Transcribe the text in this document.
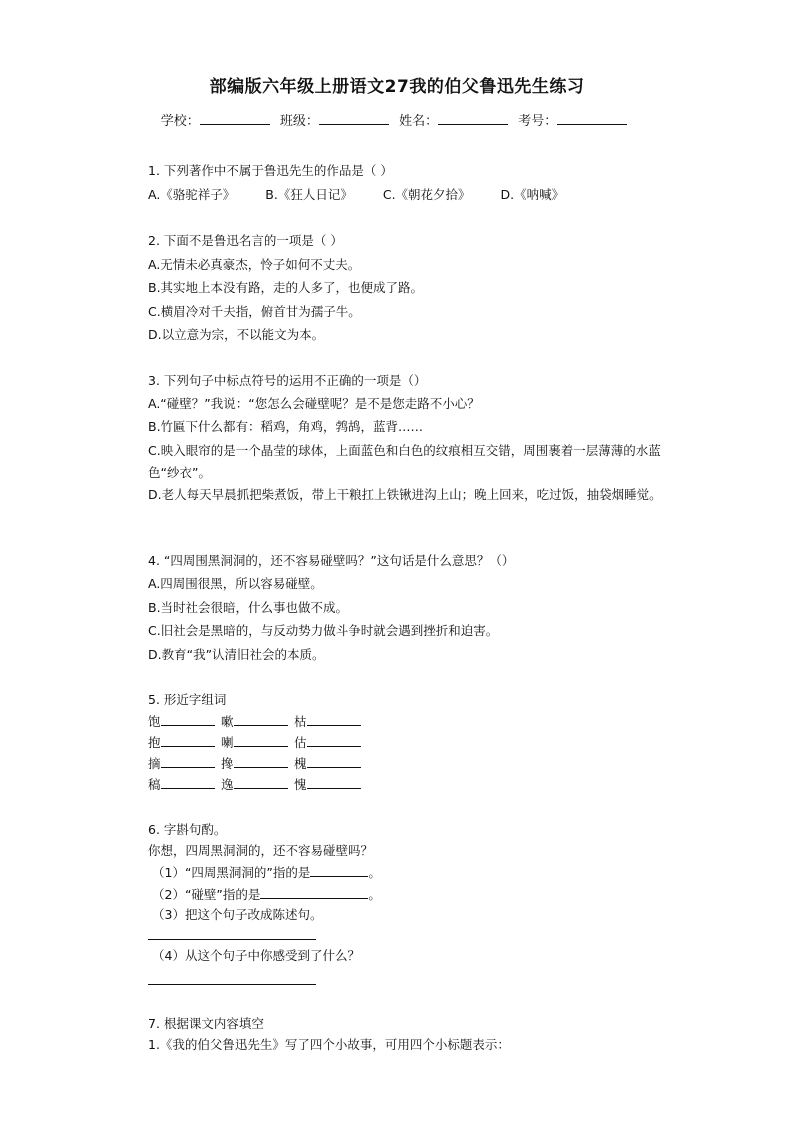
部编版六年级上册语文27我的伯父鲁迅先生练习
学校：	班级：	姓名：	考号：
1. 下列著作中不属于鲁迅先生的作品是（ ）
A.《骆驼祥子》 B.《狂人日记》 C.《朝花夕拾》 D.《呐喊》
2. 下面不是鲁迅名言的一项是（ ）
A.无情未必真豪杰，怜子如何不丈夫。
B.其实地上本没有路，走的人多了，也便成了路。
C.横眉冷对千夫指，俯首甘为孺子牛。
D.以立意为宗，不以能文为本。
3. 下列句子中标点符号的运用不正确的一项是（）
A.“碰壁？”我说：“您怎么会碰壁呢？是不是您走路不小心？
B.竹匾下什么都有：稻鸡，角鸡，鹁鸪，蓝背……
C.映入眼帘的是一个晶莹的球体，上面蓝色和白色的纹痕相互交错，周围裹着一层薄薄的水蓝色“纱衣”。
D.老人每天早晨抓把柴煮饭，带上干粮扛上铁锹进沟上山；晚上回来，吃过饭，抽袋烟睡觉。
4. “四周围黑洞洞的，还不容易碰壁吗？”这句话是什么意思？（）
A.四周围很黑，所以容易碰壁。
B.当时社会很暗，什么事也做不成。
C.旧社会是黑暗的，与反动势力做斗争时就会遇到挫折和迫害。
D.教育“我”认清旧社会的本质。
5. 形近字组词
饱	嗽	枯
抱	喇	估
摘	搀	槐
稿	逸	愧
6. 字斟句酌。
你想，四周黑洞洞的，还不容易碰壁吗？
（1）“四周黑洞洞的”指的是	。
（2）“碰壁”指的是	。
（3）把这个句子改成陈述句。
（4）从这个句子中你感受到了什么？
7. 根据课文内容填空
1.《我的伯父鲁迅先生》写了四个小故事，可用四个小标题表示：
